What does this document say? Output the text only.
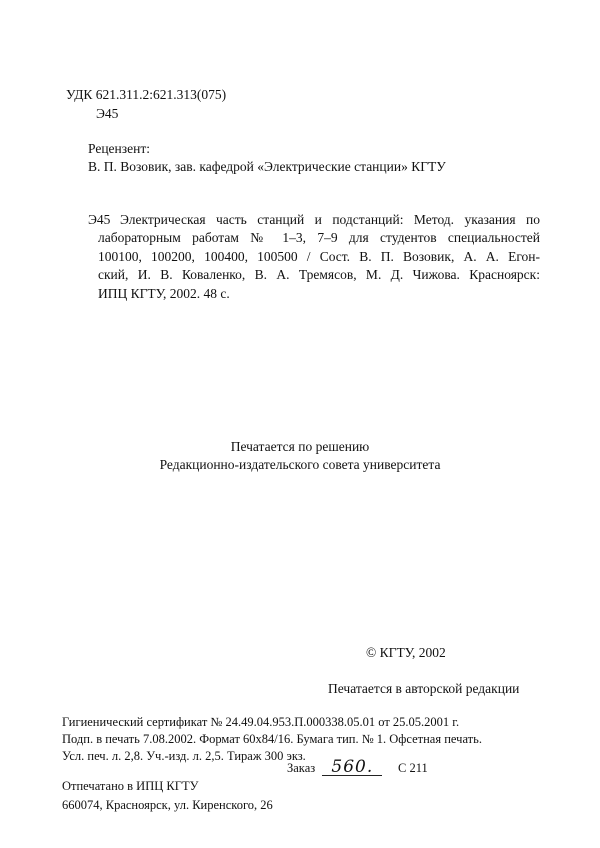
УДК 621.311.2:621.313(075)
Э45
Рецензент:
В. П. Возовик, зав. кафедрой «Электрические станции» КГТУ
Э45 Электрическая часть станций и подстанций: Метод. указания по
лабораторным работам № 1–3, 7–9 для студентов специальностей
100100, 100200, 100400, 100500 / Сост. В. П. Возовик, А. А. Егон-
ский, И. В. Коваленко, В. А. Тремясов, М. Д. Чижова. Красноярск:
ИПЦ КГТУ, 2002. 48 с.
Печатается по решению
Редакционно-издательского совета университета
© КГТУ, 2002
Печатается в авторской редакции
Гигиенический сертификат № 24.49.04.953.П.000338.05.01 от 25.05.2001 г.
Подп. в печать 7.08.2002. Формат 60x84/16. Бумага тип. № 1. Офсетная печать.
Усл. печ. л. 2,8. Уч.-изд. л. 2,5. Тираж 300 экз.
Заказ 560.	С 211
Отпечатано в ИПЦ КГТУ
660074, Красноярск, ул. Киренского, 26
